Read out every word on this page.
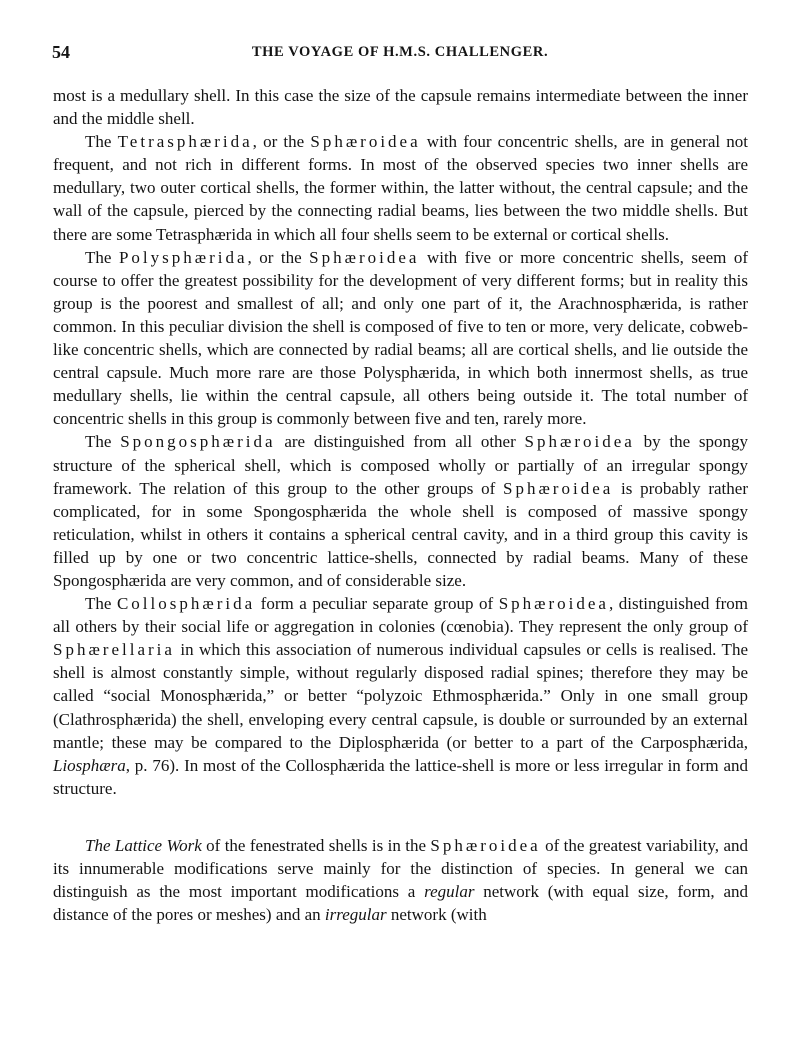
54	THE VOYAGE OF H.M.S. CHALLENGER.

most is a medullary shell. In this case the size of the capsule remains intermediate between the inner and the middle shell.

The Tetrasphærida, or the Sphæroidea with four concentric shells, are in general not frequent, and not rich in different forms. In most of the observed species two inner shells are medullary, two outer cortical shells, the former within, the latter without, the central capsule; and the wall of the capsule, pierced by the connecting radial beams, lies between the two middle shells. But there are some Tetrasphærida in which all four shells seem to be external or cortical shells.

The Polysphærida, or the Sphæroidea with five or more concentric shells, seem of course to offer the greatest possibility for the development of very different forms; but in reality this group is the poorest and smallest of all; and only one part of it, the Arachnosphærida, is rather common. In this peculiar division the shell is composed of five to ten or more, very delicate, cobweb-like concentric shells, which are connected by radial beams; all are cortical shells, and lie outside the central capsule. Much more rare are those Polysphærida, in which both innermost shells, as true medullary shells, lie within the central capsule, all others being outside it. The total number of concentric shells in this group is commonly between five and ten, rarely more.

The Spongosphærida are distinguished from all other Sphæroidea by the spongy structure of the spherical shell, which is composed wholly or partially of an irregular spongy framework. The relation of this group to the other groups of Sphæroidea is probably rather complicated, for in some Spongosphærida the whole shell is composed of massive spongy reticulation, whilst in others it contains a spherical central cavity, and in a third group this cavity is filled up by one or two concentric lattice-shells, connected by radial beams. Many of these Spongosphærida are very common, and of considerable size.

The Collosphærida form a peculiar separate group of Sphæroidea, distinguished from all others by their social life or aggregation in colonies (cœnobia). They represent the only group of Sphærellaria in which this association of numerous individual capsules or cells is realised. The shell is almost constantly simple, without regularly disposed radial spines; therefore they may be called “social Monosphærida,” or better “polyzoic Ethmosphærida.” Only in one small group (Clathrosphærida) the shell, enveloping every central capsule, is double or surrounded by an external mantle; these may be compared to the Diplosphærida (or better to a part of the Carposphærida, Liosphæra, p. 76). In most of the Collosphærida the lattice-shell is more or less irregular in form and structure.

The Lattice Work of the fenestrated shells is in the Sphæroidea of the greatest variability, and its innumerable modifications serve mainly for the distinction of species. In general we can distinguish as the most important modifications a regular network (with equal size, form, and distance of the pores or meshes) and an irregular network (with
